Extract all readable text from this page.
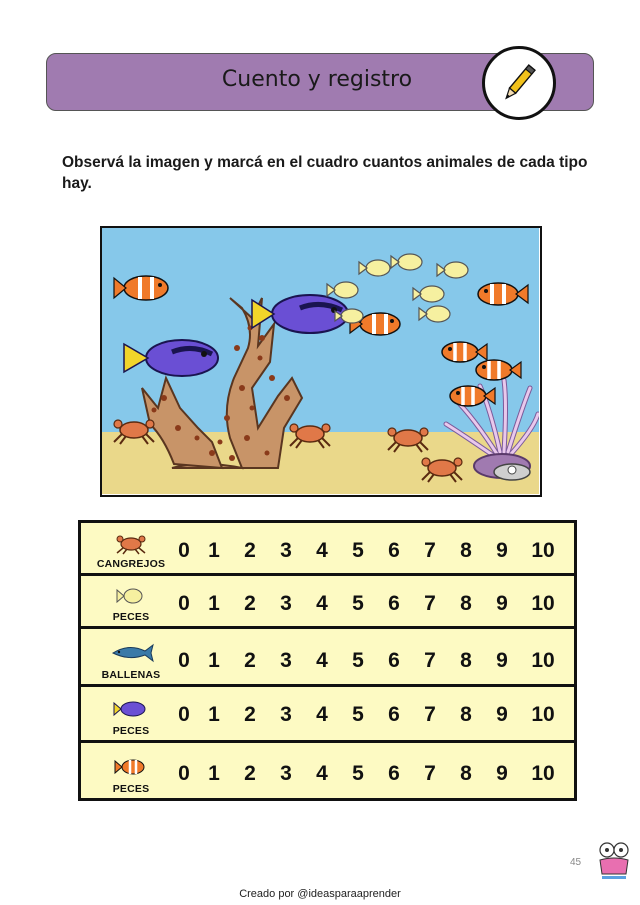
Cuento y registro
Observá la imagen y marcá en el cuadro cuantos animales de cada tipo hay.
CANGREJOS
0 1	2	3	4	5	6	7	8	9	10
PECES
0 1	2	3	4	5	6	7	8	9	10
BALLENAS
0 1	2	3	4	5	6	7	8	9	10
PECES
0 1	2	3	4	5	6	7	8	9	10
PECES
0 1	2	3	4	5	6	7	8	9	10
45
Creado por @ideasparaaprender
